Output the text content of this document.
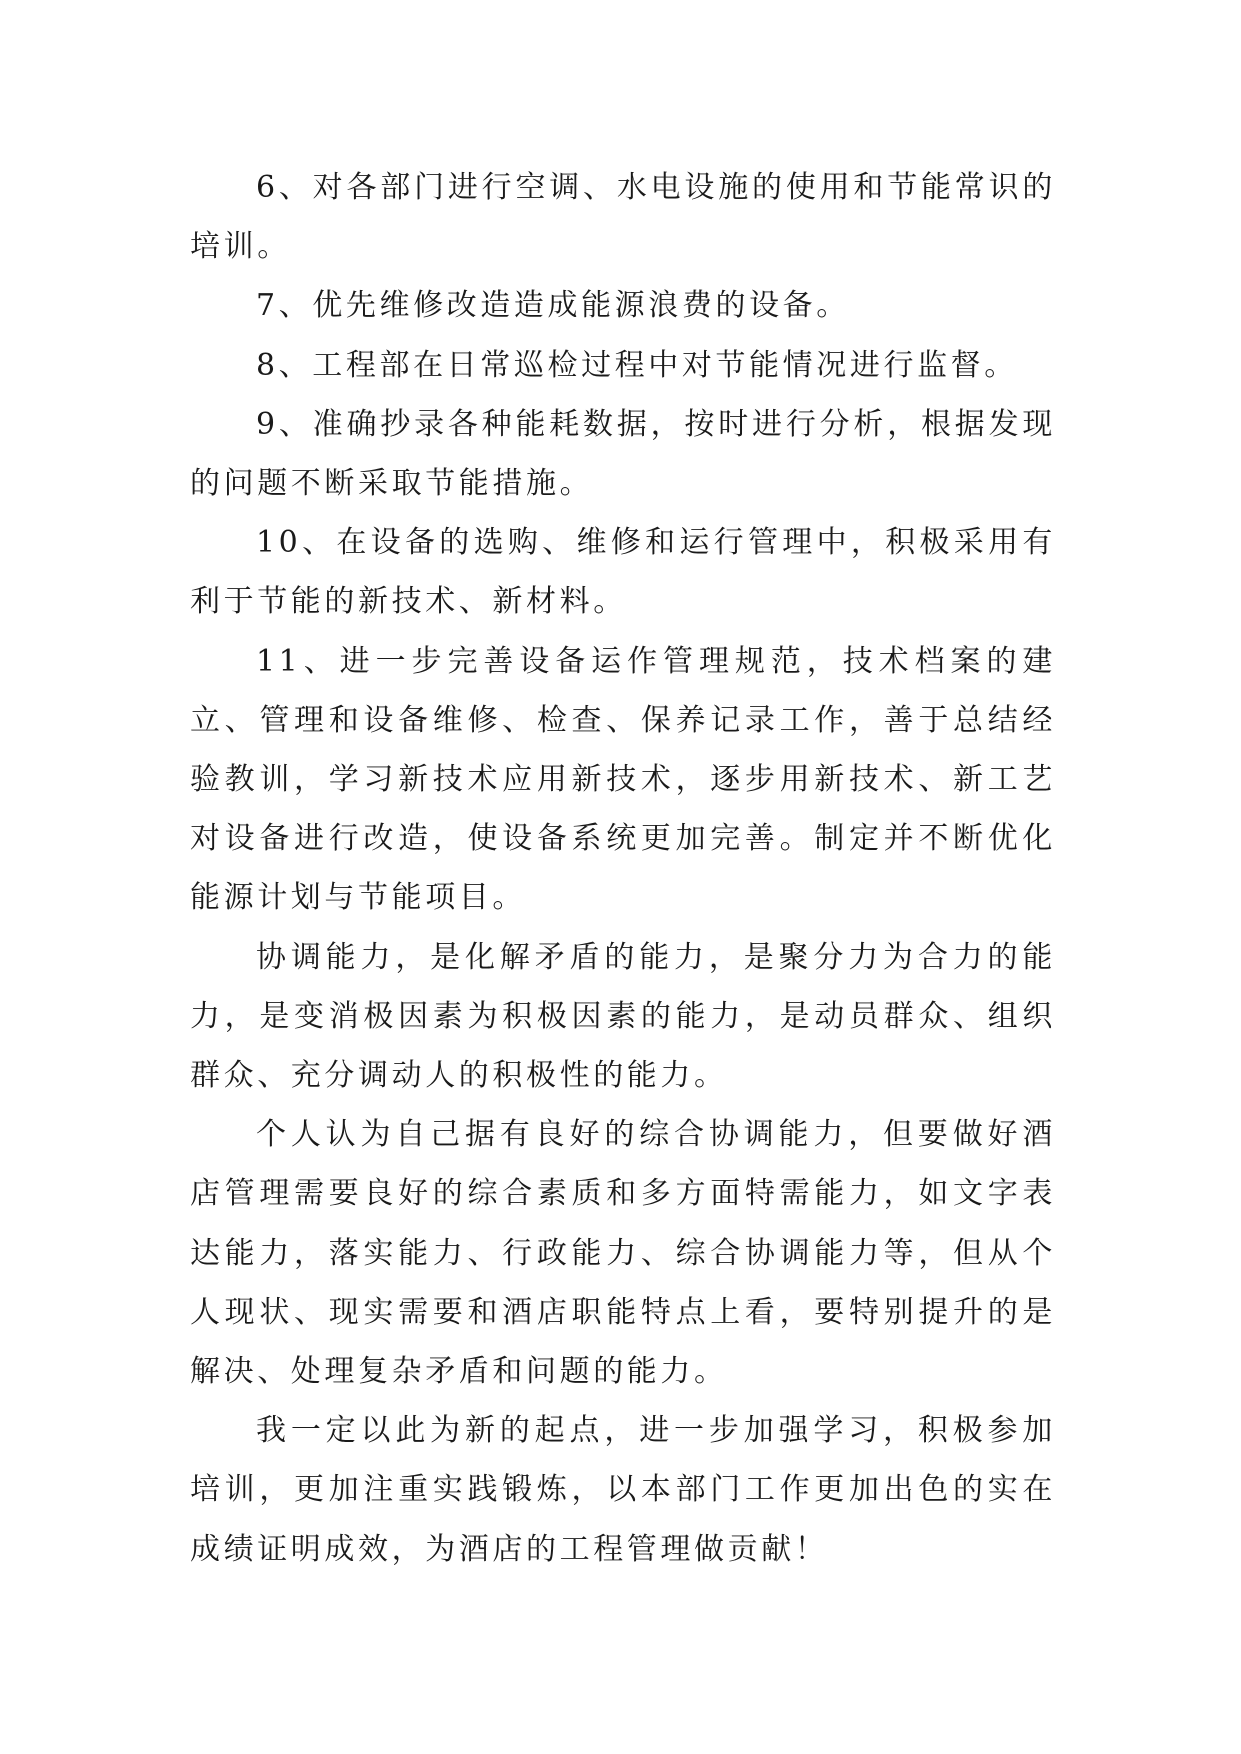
6、对各部门进行空调、水电设施的使用和节能常识的培训。

7、优先维修改造造成能源浪费的设备。

8、工程部在日常巡检过程中对节能情况进行监督。

9、准确抄录各种能耗数据，按时进行分析，根据发现的问题不断采取节能措施。

10、在设备的选购、维修和运行管理中，积极采用有利于节能的新技术、新材料。

11、进一步完善设备运作管理规范，技术档案的建立、管理和设备维修、检查、保养记录工作，善于总结经验教训，学习新技术应用新技术，逐步用新技术、新工艺对设备进行改造，使设备系统更加完善。制定并不断优化能源计划与节能项目。

协调能力，是化解矛盾的能力，是聚分力为合力的能力，是变消极因素为积极因素的能力，是动员群众、组织群众、充分调动人的积极性的能力。

个人认为自己据有良好的综合协调能力，但要做好酒店管理需要良好的综合素质和多方面特需能力，如文字表达能力，落实能力、行政能力、综合协调能力等，但从个人现状、现实需要和酒店职能特点上看，要特别提升的是解决、处理复杂矛盾和问题的能力。

我一定以此为新的起点，进一步加强学习，积极参加培训，更加注重实践锻炼，以本部门工作更加出色的实在成绩证明成效，为酒店的工程管理做贡献！
